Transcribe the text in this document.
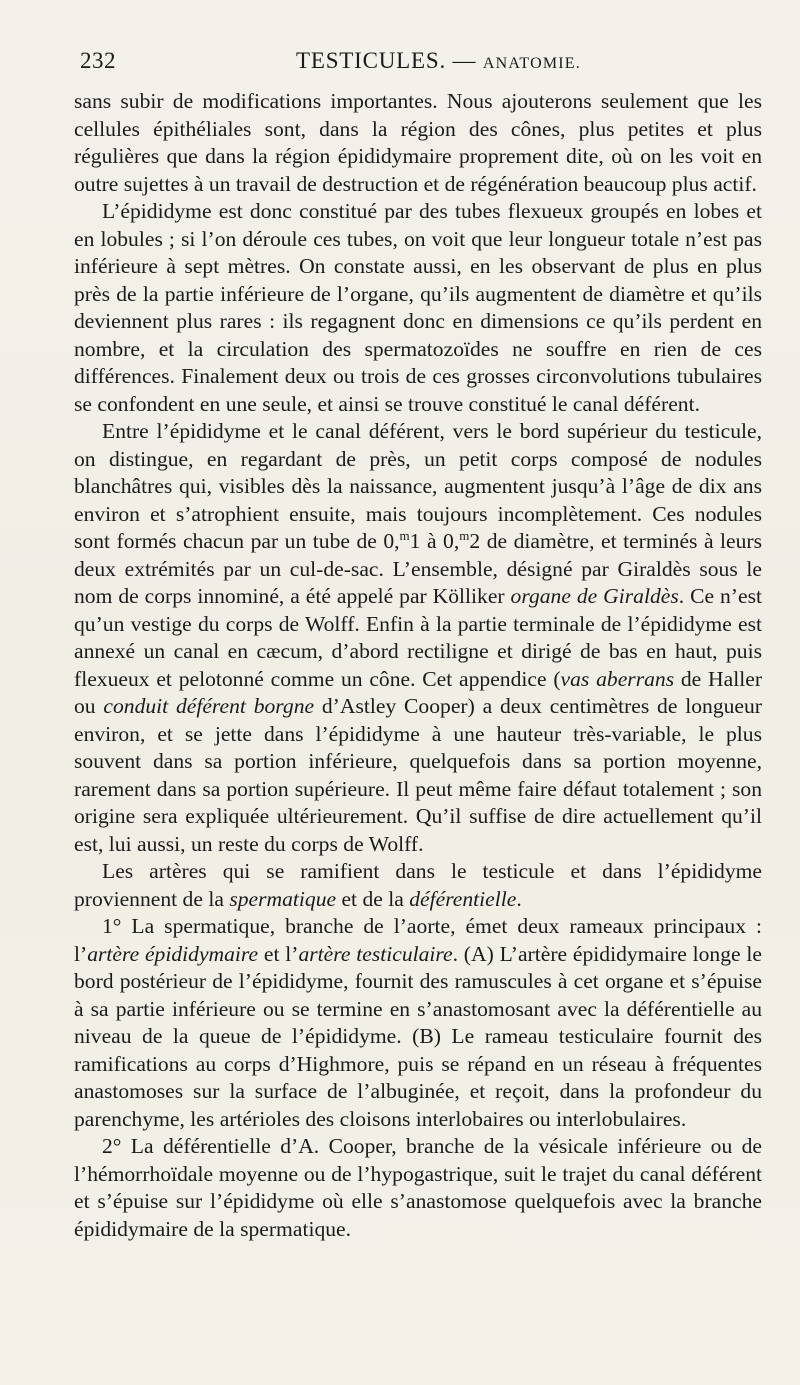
232	TESTICULES. — ANATOMIE.

sans subir de modifications importantes. Nous ajouterons seulement que les cellules épithéliales sont, dans la région des cônes, plus petites et plus régulières que dans la région épididymaire proprement dite, où on les voit en outre sujettes à un travail de destruction et de régénération beaucoup plus actif.

L’épididyme est donc constitué par des tubes flexueux groupés en lobes et en lobules ; si l’on déroule ces tubes, on voit que leur longueur totale n’est pas inférieure à sept mètres. On constate aussi, en les observant de plus en plus près de la partie inférieure de l’organe, qu’ils augmentent de diamètre et qu’ils deviennent plus rares : ils regagnent donc en dimensions ce qu’ils perdent en nombre, et la circulation des spermatozoïdes ne souffre en rien de ces différences. Finalement deux ou trois de ces grosses circonvolutions tubulaires se confondent en une seule, et ainsi se trouve constitué le canal déférent.

Entre l’épididyme et le canal déférent, vers le bord supérieur du testicule, on distingue, en regardant de près, un petit corps composé de nodules blanchâtres qui, visibles dès la naissance, augmentent jusqu’à l’âge de dix ans environ et s’atrophient ensuite, mais toujours incomplètement. Ces nodules sont formés chacun par un tube de 0,$^m$1 à 0,$^m$2 de diamètre, et terminés à leurs deux extrémités par un cul-de-sac. L’ensemble, désigné par Giraldès sous le nom de corps innominé, a été appelé par Kölliker organe de Giraldès. Ce n’est qu’un vestige du corps de Wolff. Enfin à la partie terminale de l’épididyme est annexé un canal en cæcum, d’abord rectiligne et dirigé de bas en haut, puis flexueux et pelotonné comme un cône. Cet appendice (vas aberrans de Haller ou conduit déférent borgne d’Astley Cooper) a deux centimètres de longueur environ, et se jette dans l’épididyme à une hauteur très-variable, le plus souvent dans sa portion inférieure, quelquefois dans sa portion moyenne, rarement dans sa portion supérieure. Il peut même faire défaut totalement ; son origine sera expliquée ultérieurement. Qu’il suffise de dire actuellement qu’il est, lui aussi, un reste du corps de Wolff.

Les artères qui se ramifient dans le testicule et dans l’épididyme proviennent de la spermatique et de la déférentielle.

1° La spermatique, branche de l’aorte, émet deux rameaux principaux : l’artère épididymaire et l’artère testiculaire. (A) L’artère épididymaire longe le bord postérieur de l’épididyme, fournit des ramuscules à cet organe et s’épuise à sa partie inférieure ou se termine en s’anastomosant avec la déférentielle au niveau de la queue de l’épididyme. (B) Le rameau testiculaire fournit des ramifications au corps d’Highmore, puis se répand en un réseau à fréquentes anastomoses sur la surface de l’albuginée, et reçoit, dans la profondeur du parenchyme, les artérioles des cloisons interlobaires ou interlobulaires.

2° La déférentielle d’A. Cooper, branche de la vésicale inférieure ou de l’hémorrhoïdale moyenne ou de l’hypogastrique, suit le trajet du canal déférent et s’épuise sur l’épididyme où elle s’anastomose quelquefois avec la branche épididymaire de la spermatique.
